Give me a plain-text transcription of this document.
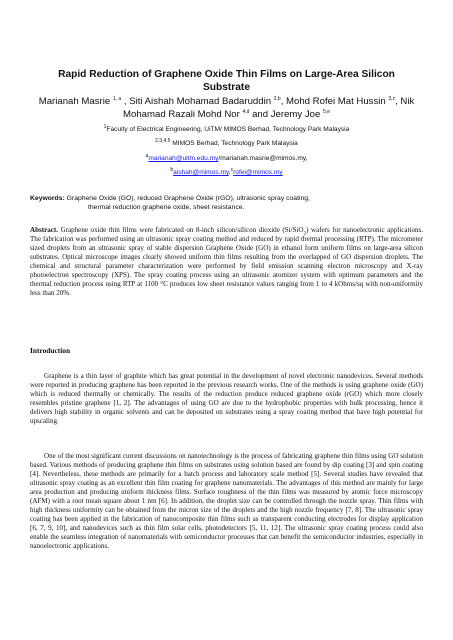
Rapid Reduction of Graphene Oxide Thin Films on Large-Area Silicon Substrate
Marianah Masrie $^{1, a}$ , Siti Aishah Mohamad Badaruddin $^{2,b}$, Mohd Rofei Mat Hussin $^{3,c}$, Nik Mohamad Razali Mohd Nor $^{4,d}$ and Jeremy Joe $^{5,e}$
$^1$Faculty of Electrical Engineering, UiTM/ MIMOS Berhad, Technology Park Malaysia
$^{2,3,4,5}$ MIMOS Berhad, Technology Park Malaysia
$^a$marianah@uitm.edu.my/marianah.masrie@mimos.my,
$^b$aishah@mimos.my,$^c$rofei@mimos.my
Keywords: Graphene Oxide (GO), reduced Graphene Oxide (rGO), ultrasonic spray coating,
thermal reduction graphene oxide, sheet resistance.
Abstract. Graphene oxide thin films were fabricated on 8-inch silicon/silicon dioxide (Si/SiO$_2$) wafers for nanoelectronic applications. The fabrication was performed using an ultrasonic spray coating method and reduced by rapid thermal processing (RTP). The micrometer sized droplets from an ultrasonic spray of stable dispersion Graphene Oxide (GO) in ethanol form uniform films on large-area silicon substrates. Optical microscope images clearly showed uniform thin films resulting from the overlapped of GO dispersion droplets. The chemical and structural parameter characterization were performed by field emission scanning electron microscopy and X-ray photoelectron spectroscopy (XPS). The spray coating process using an ultrasonic atomizer system with optimum parameters and the thermal reduction process using RTP at 1100 °C produces low sheet resistance values ranging from 1 to 4 kOhms/sq with non-uniformity less than 20%.
Introduction
Graphene is a thin layer of graphite which has great potential in the development of novel electronic nanodevices. Several methods were reported in producing graphene has been reported in the previous research works. One of the methods is using graphene oxide (GO) which is reduced thermally or chemically. The results of the reduction produce reduced graphene oxide (rGO) which more closely resembles pristine graphene [1, 2]. The advantages of using GO are due to the hydrophobic properties with bulk processing, hence it delivers high stability in organic solvents and can be deposited on substrates using a spray coating method that have high potential for upscaling.
One of the most significant current discussions on nanotechnology is the process of fabricating graphene thin films using GO solution based. Various methods of producing graphene thin films on substrates using solution based are found by dip coating [3] and spin coating [4]. Nevertheless, these methods are primarily for a batch process and laboratory scale method [5]. Several studies have revealed that ultrasonic spray coating as an excellent thin film coating for graphene nanomaterials. The advantages of this method are mainly for large area production and producing uniform thickness films. Surface roughness of the thin films was measured by atomic force microscopy (AFM) with a root mean square about 1 nm [6]. In addition, the droplet size can be controlled through the nozzle spray. Thin films with high thickness uniformity can be obtained from the micron size of the droplets and the high nozzle frequency [7, 8]. The ultrasonic spray coating has been applied in the fabrication of nanocomposite thin films such as transparent conducting electrodes for display application [6, 7, 9, 10], and nanodevices such as thin film solar cells, photodetectors [5, 11, 12]. The ultrasonic spray coating process could also enable the seamless integration of nanomaterials with semiconductor processes that can benefit the semiconductor industries, especially in nanoelectronic applications.
